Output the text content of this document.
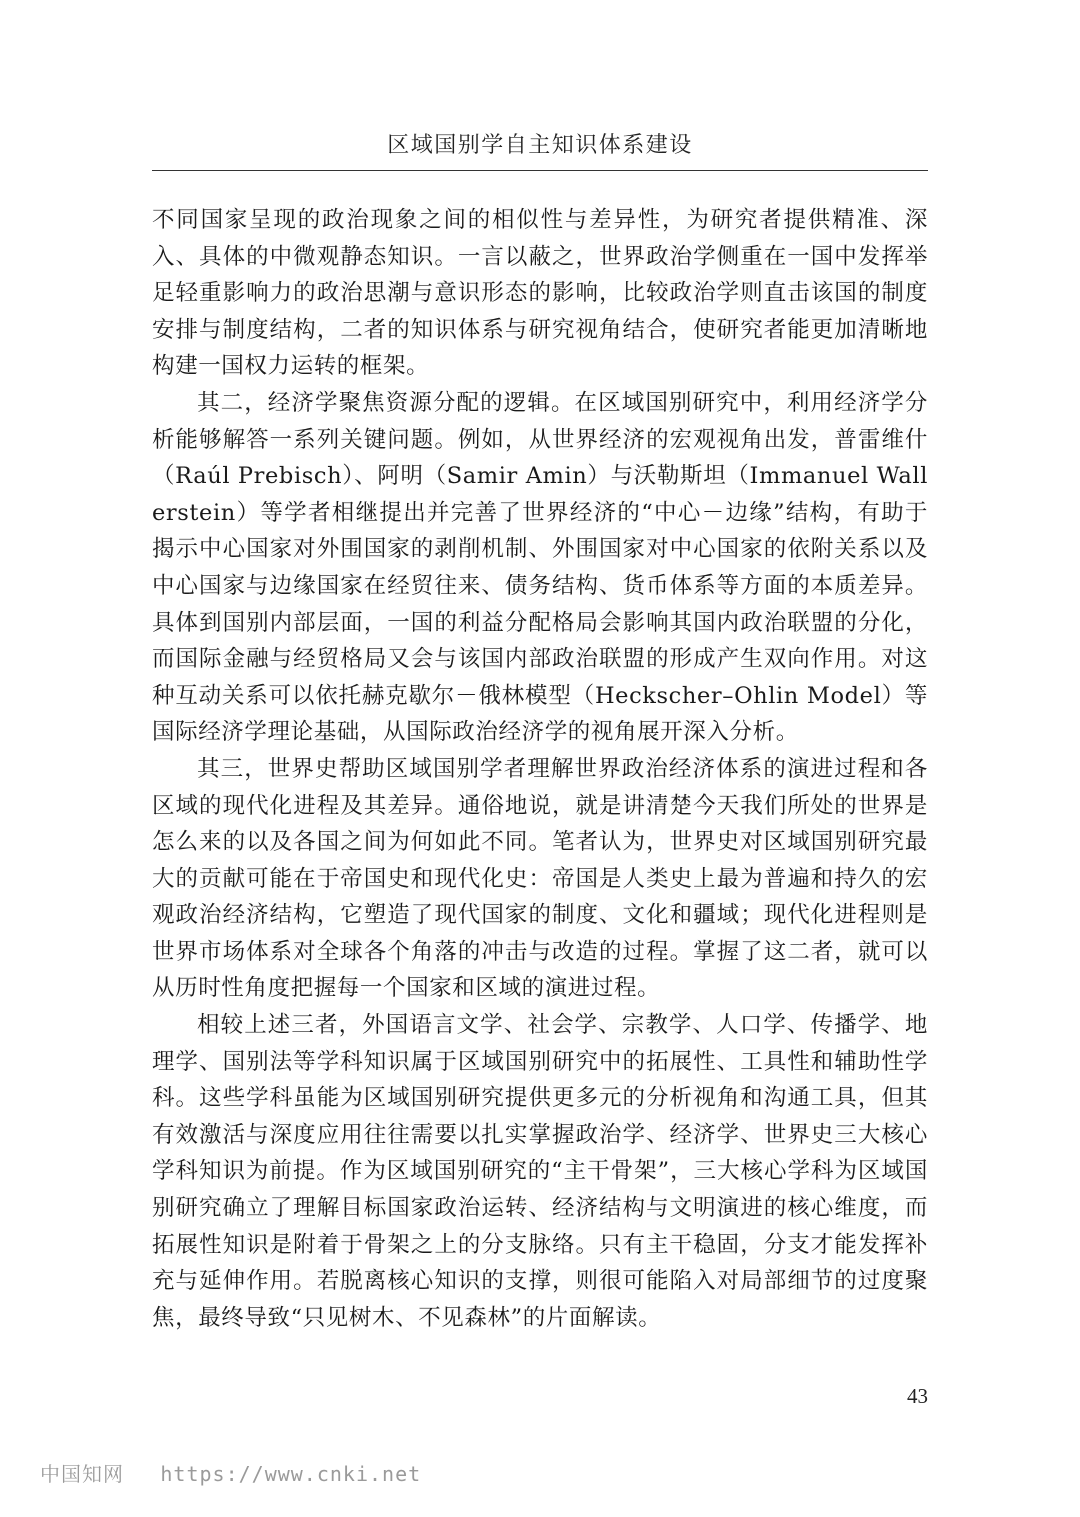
区域国别学自主知识体系建设

不同国家呈现的政治现象之间的相似性与差异性，为研究者提供精准、深入、具体的中微观静态知识。一言以蔽之，世界政治学侧重在一国中发挥举足轻重影响力的政治思潮与意识形态的影响，比较政治学则直击该国的制度安排与制度结构，二者的知识体系与研究视角结合，使研究者能更加清晰地构建一国权力运转的框架。

其二，经济学聚焦资源分配的逻辑。在区域国别研究中，利用经济学分析能够解答一系列关键问题。例如，从世界经济的宏观视角出发，普雷维什（Raúl Prebisch）、阿明（Samir Amin）与沃勒斯坦（Immanuel Wallerstein）等学者相继提出并完善了世界经济的“中心－边缘”结构，有助于揭示中心国家对外围国家的剥削机制、外围国家对中心国家的依附关系以及中心国家与边缘国家在经贸往来、债务结构、货币体系等方面的本质差异。具体到国别内部层面，一国的利益分配格局会影响其国内政治联盟的分化，而国际金融与经贸格局又会与该国内部政治联盟的形成产生双向作用。对这种互动关系可以依托赫克歇尔－俄林模型（Heckscher–Ohlin Model）等国际经济学理论基础，从国际政治经济学的视角展开深入分析。

其三，世界史帮助区域国别学者理解世界政治经济体系的演进过程和各区域的现代化进程及其差异。通俗地说，就是讲清楚今天我们所处的世界是怎么来的以及各国之间为何如此不同。笔者认为，世界史对区域国别研究最大的贡献可能在于帝国史和现代化史：帝国是人类史上最为普遍和持久的宏观政治经济结构，它塑造了现代国家的制度、文化和疆域；现代化进程则是世界市场体系对全球各个角落的冲击与改造的过程。掌握了这二者，就可以从历时性角度把握每一个国家和区域的演进过程。

相较上述三者，外国语言文学、社会学、宗教学、人口学、传播学、地理学、国别法等学科知识属于区域国别研究中的拓展性、工具性和辅助性学科。这些学科虽能为区域国别研究提供更多元的分析视角和沟通工具，但其有效激活与深度应用往往需要以扎实掌握政治学、经济学、世界史三大核心学科知识为前提。作为区域国别研究的“主干骨架”，三大核心学科为区域国别研究确立了理解目标国家政治运转、经济结构与文明演进的核心维度，而拓展性知识是附着于骨架之上的分支脉络。只有主干稳固，分支才能发挥补充与延伸作用。若脱离核心知识的支撑，则很可能陷入对局部细节的过度聚焦，最终导致“只见树木、不见森林”的片面解读。

43
中国知网 https://www.cnki.net
